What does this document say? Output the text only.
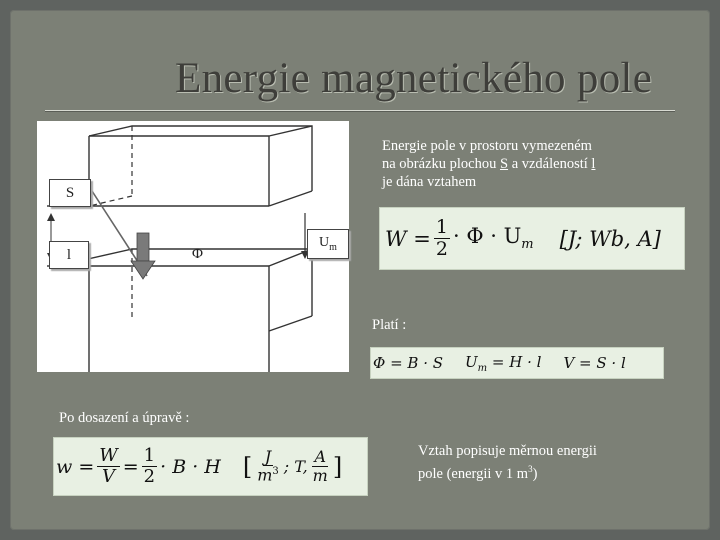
Energie magnetického pole
S
l	Φ
$U_m$
Energie pole v prostoru vymezeném
na obrázku plochou S a vzdáleností l
je dána vztahem
$W = \frac{1}{2} \cdot \Phi \cdot U_m$ [J; Wb, A]
Platí :
Φ = B · S $U_m = H \cdot l$ V = S · l
Po dosazení a úpravě :
w
= $\frac{W}{V} = \frac{1}{2} \cdot B \cdot H$ [ $\frac{J}{m^3}$ ; T, $\frac{A}{m}$ ]
Vztah popisuje měrnou energii
pole (energii v 1 $m^3$)
